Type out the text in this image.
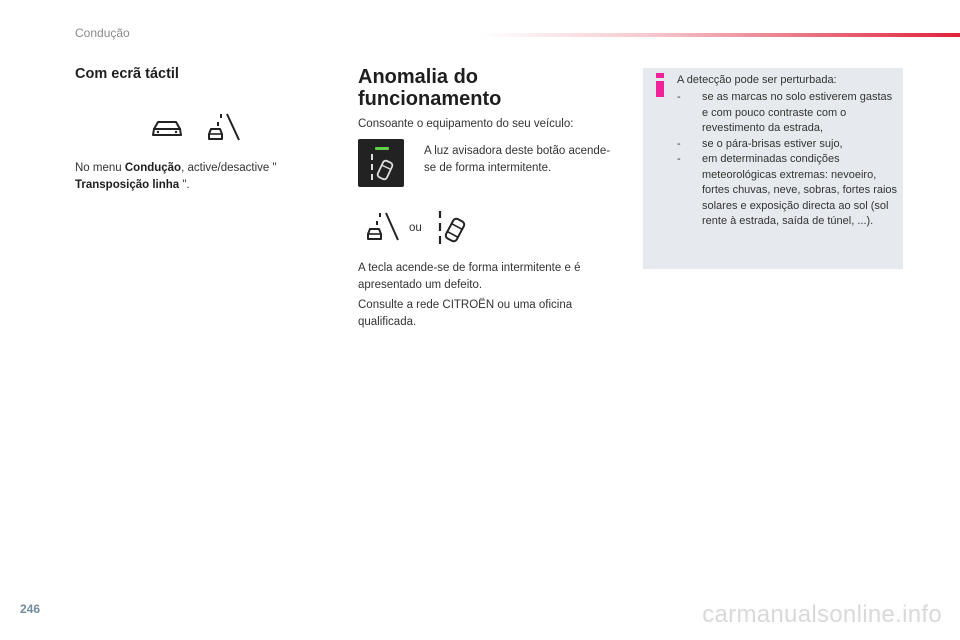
Condução
Com ecrã táctil
No menu Condução, active/desactive "
Transposição linha ".
Anomalia do funcionamento
Consoante o equipamento do seu veículo:
A luz avisadora deste botão acende-se de forma intermitente.
ou
A tecla acende-se de forma intermitente e é apresentado um defeito.
Consulte a rede CITROËN ou uma oficina qualificada.
A detecção pode ser perturbada:
- se as marcas no solo estiverem gastas e com pouco contraste com o revestimento da estrada,
- se o pára-brisas estiver sujo,
- em determinadas condições meteorológicas extremas: nevoeiro, fortes chuvas, neve, sobras, fortes raios solares e exposição directa ao sol (sol rente à estrada, saída de túnel, ...).
246	carmanualsonline.info
